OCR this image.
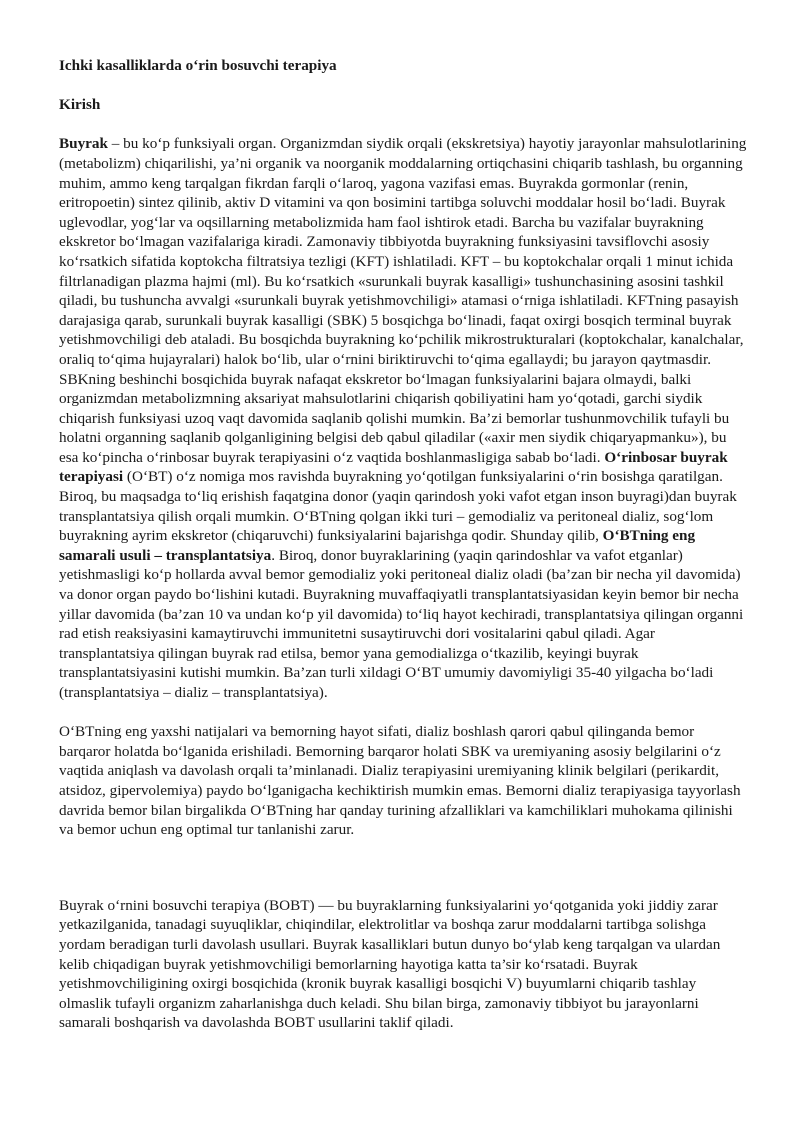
Ichki kasalliklarda oʻrin bosuvchi terapiya
Kirish

Buyrak – bu koʻp funksiyali organ. Organizmdan siydik orqali (ekskretsiya) hayotiy jarayonlar mahsulotlarining (metabolizm) chiqarilishi, ya’ni organik va noorganik moddalarning ortiqchasini chiqarib tashlash, bu organning muhim, ammo keng tarqalgan fikrdan farqli oʻlaroq, yagona vazifasi emas. Buyrakda gormonlar (renin, eritropoetin) sintez qilinib, aktiv D vitamini va qon bosimini tartibga soluvchi moddalar hosil boʻladi. Buyrak uglevodlar, yogʻlar va oqsillarning metabolizmida ham faol ishtirok etadi. Barcha bu vazifalar buyrakning ekskretor boʻlmagan vazifalariga kiradi. Zamonaviy tibbiyotda buyrakning funksiyasini tavsiflovchi asosiy koʻrsatkich sifatida koptokcha filtratsiya tezligi (KFT) ishlatiladi. KFT – bu koptokchalar orqali 1 minut ichida filtrlanadigan plazma hajmi (ml). Bu koʻrsatkich «surunkali buyrak kasalligi» tushunchasining asosini tashkil qiladi, bu tushuncha avvalgi «surunkali buyrak yetishmovchiligi» atamasi oʻrniga ishlatiladi. KFTning pasayish darajasiga qarab, surunkali buyrak kasalligi (SBK) 5 bosqichga boʻlinadi, faqat oxirgi bosqich terminal buyrak yetishmovchiligi deb ataladi. Bu bosqichda buyrakning koʻpchilik mikrostrukturalari (koptokchalar, kanalchalar, oraliq toʻqima hujayralari) halok boʻlib, ular oʻrnini biriktiruvchi toʻqima egallaydi; bu jarayon qaytmasdir. SBKning beshinchi bosqichida buyrak nafaqat ekskretor boʻlmagan funksiyalarini bajara olmaydi, balki organizmdan metabolizmning aksariyat mahsulotlarini chiqarish qobiliyatini ham yoʻqotadi, garchi siydik chiqarish funksiyasi uzoq vaqt davomida saqlanib qolishi mumkin. Ba’zi bemorlar tushunmovchilik tufayli bu holatni organning saqlanib qolganligining belgisi deb qabul qiladilar («axir men siydik chiqaryapmanku»), bu esa koʻpincha oʻrinbosar buyrak terapiyasini oʻz vaqtida boshlanmasligiga sabab boʻladi. Oʻrinbosar buyrak terapiyasi (OʻBT) oʻz nomiga mos ravishda buyrakning yoʻqotilgan funksiyalarini oʻrin bosishga qaratilgan. Biroq, bu maqsadga toʻliq erishish faqatgina donor (yaqin qarindosh yoki vafot etgan inson buyragi)dan buyrak transplantatsiya qilish orqali mumkin. OʻBTning qolgan ikki turi – gemodializ va peritoneal dializ, sogʻlom buyrakning ayrim ekskretor (chiqaruvchi) funksiyalarini bajarishga qodir. Shunday qilib, OʻBTning eng samarali usuli – transplantatsiya. Biroq, donor buyraklarining (yaqin qarindoshlar va vafot etganlar) yetishmasligi koʻp hollarda avval bemor gemodializ yoki peritoneal dializ oladi (ba’zan bir necha yil davomida) va donor organ paydo boʻlishini kutadi. Buyrakning muvaffaqiyatli transplantatsiyasidan keyin bemor bir necha yillar davomida (ba’zan 10 va undan koʻp yil davomida) toʻliq hayot kechiradi, transplantatsiya qilingan organni rad etish reaksiyasini kamaytiruvchi immunitetni susaytiruvchi dori vositalarini qabul qiladi. Agar transplantatsiya qilingan buyrak rad etilsa, bemor yana gemodializga oʻtkazilib, keyingi buyrak transplantatsiyasini kutishi mumkin. Ba’zan turli xildagi OʻBT umumiy davomiyligi 35-40 yilgacha boʻladi (transplantatsiya – dializ – transplantatsiya).

OʻBTning eng yaxshi natijalari va bemorning hayot sifati, dializ boshlash qarori qabul qilinganda bemor barqaror holatda boʻlganida erishiladi. Bemorning barqaror holati SBK va uremiyaning asosiy belgilarini oʻz vaqtida aniqlash va davolash orqali ta’minlanadi. Dializ terapiyasini uremiyaning klinik belgilari (perikardit, atsidoz, gipervolemiya) paydo boʻlganigacha kechiktirish mumkin emas. Bemorni dializ terapiyasiga tayyorlash davrida bemor bilan birgalikda OʻBTning har qanday turining afzalliklari va kamchiliklari muhokama qilinishi va bemor uchun eng optimal tur tanlanishi zarur.

Buyrak oʻrnini bosuvchi terapiya (BOBT) — bu buyraklarning funksiyalarini yoʻqotganida yoki jiddiy zarar yetkazilganida, tanadagi suyuqliklar, chiqindilar, elektrolitlar va boshqa zarur moddalarni tartibga solishga yordam beradigan turli davolash usullari. Buyrak kasalliklari butun dunyo boʻylab keng tarqalgan va ulardan kelib chiqadigan buyrak yetishmovchiligi bemorlarning hayotiga katta ta’sir koʻrsatadi. Buyrak yetishmovchiligining oxirgi bosqichida (kronik buyrak kasalligi bosqichi V) buyumlarni chiqarib tashlay olmaslik tufayli organizm zaharlanishga duch keladi. Shu bilan birga, zamonaviy tibbiyot bu jarayonlarni samarali boshqarish va davolashda BOBT usullarini taklif qiladi.
